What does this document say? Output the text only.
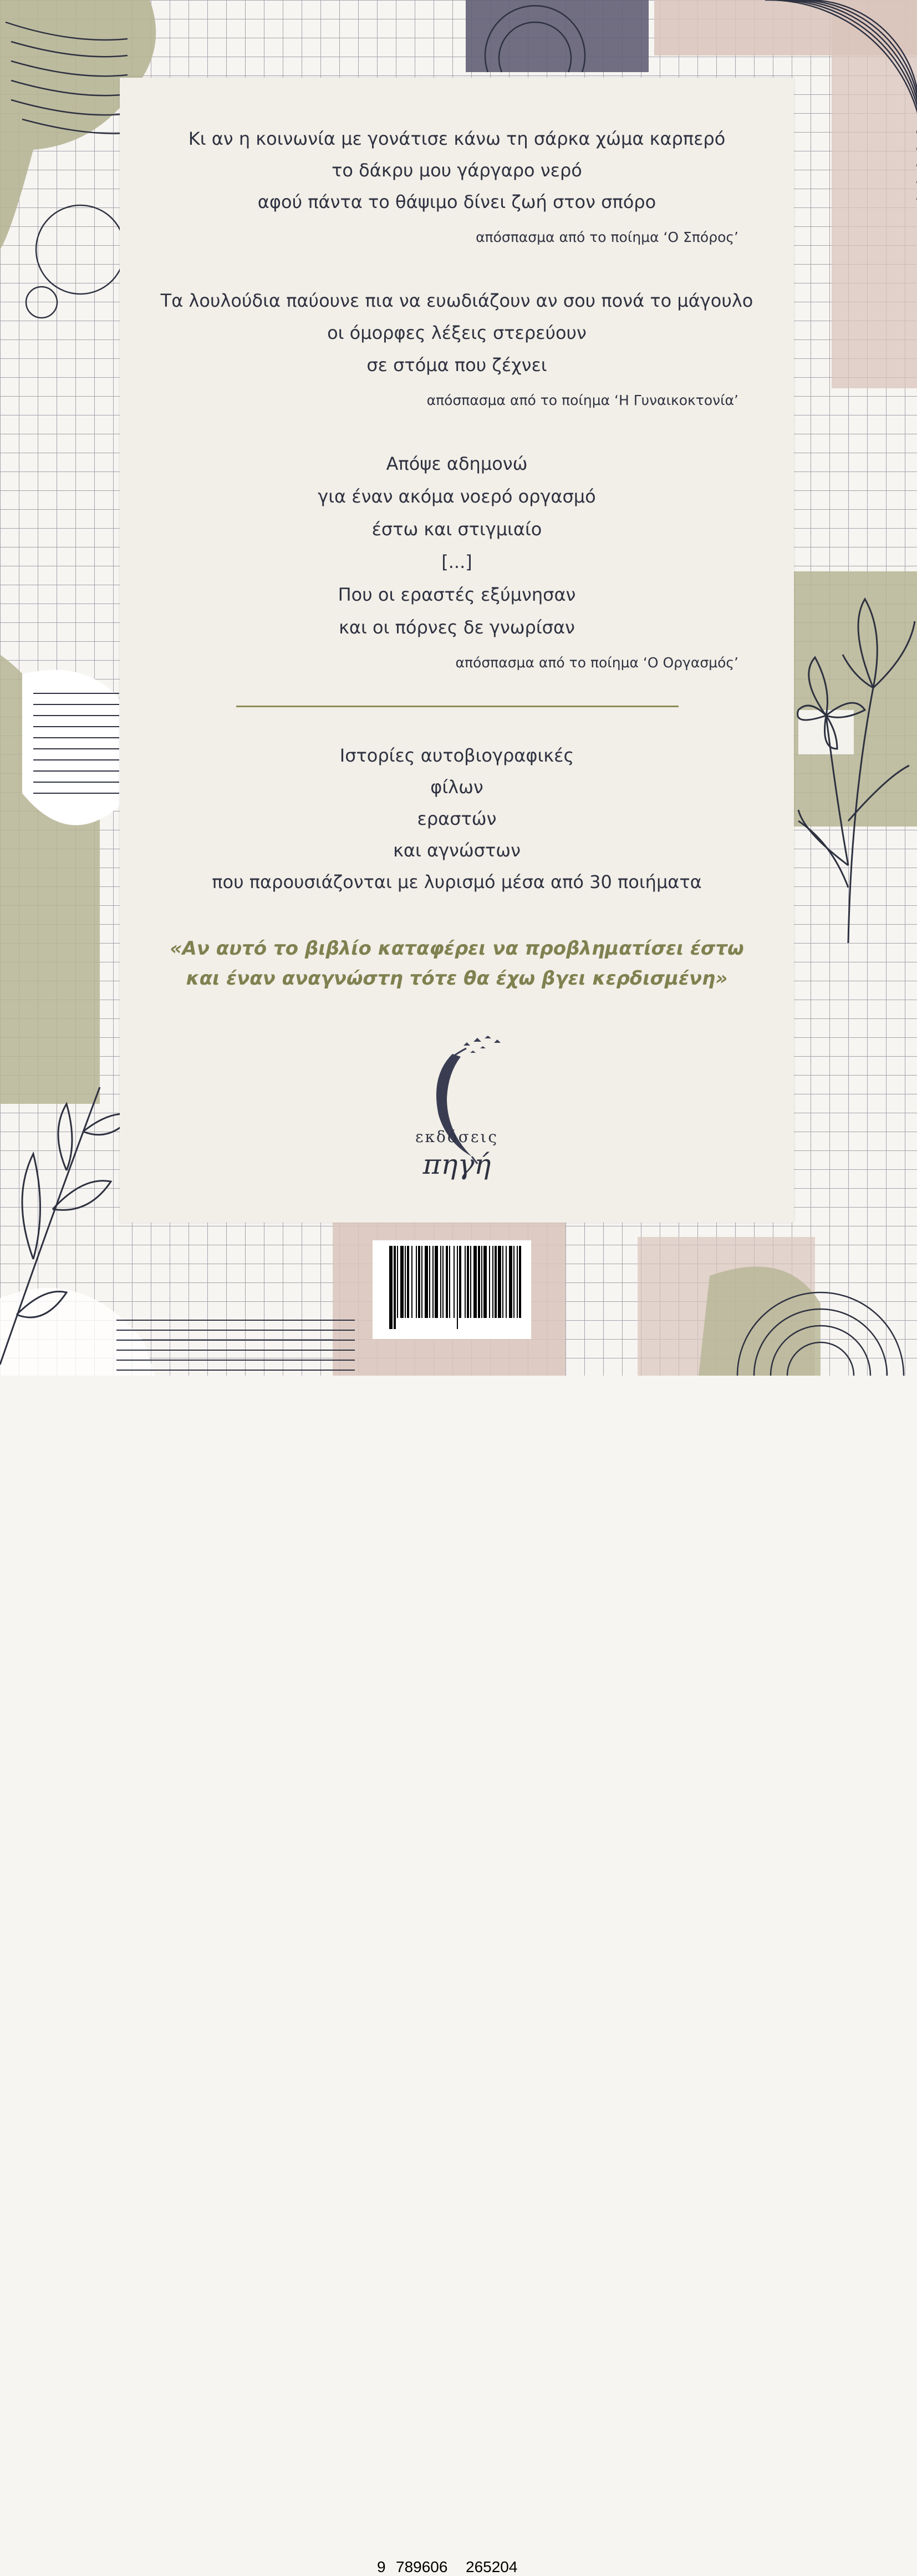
Κι αν η κοινωνία με γονάτισε κάνω τη σάρκα χώμα καρπερό
το δάκρυ μου γάργαρο νερό
αφού πάντα το θάψιμο δίνει ζωή στον σπόρο
απόσπασμα από το ποίημα ‘Ο Σπόρος’
Τα λουλούδια παύουνε πια να ευωδιάζουν αν σου πονά το μάγουλο
οι όμορφες λέξεις στερεύουν
σε στόμα που ζέχνει
απόσπασμα από το ποίημα ‘Η Γυναικοκτονία’
Απόψε αδημονώ
για έναν ακόμα νοερό οργασμό
έστω και στιγμιαίο
[...]
Που οι εραστές εξύμνησαν
και οι πόρνες δε γνωρίσαν
απόσπασμα από το ποίημα ‘Ο Οργασμός’
Ιστορίες αυτοβιογραφικές
φίλων
εραστών
και αγνώστων
που παρουσιάζονται με λυρισμό μέσα από 30 ποιήματα
«Αν αυτό το βιβλίο καταφέρει να προβληματίσει έστω
και έναν αναγνώστη τότε θα έχω βγει κερδισμένη»
εκδόσεις
πηγή
9 789606 265204
